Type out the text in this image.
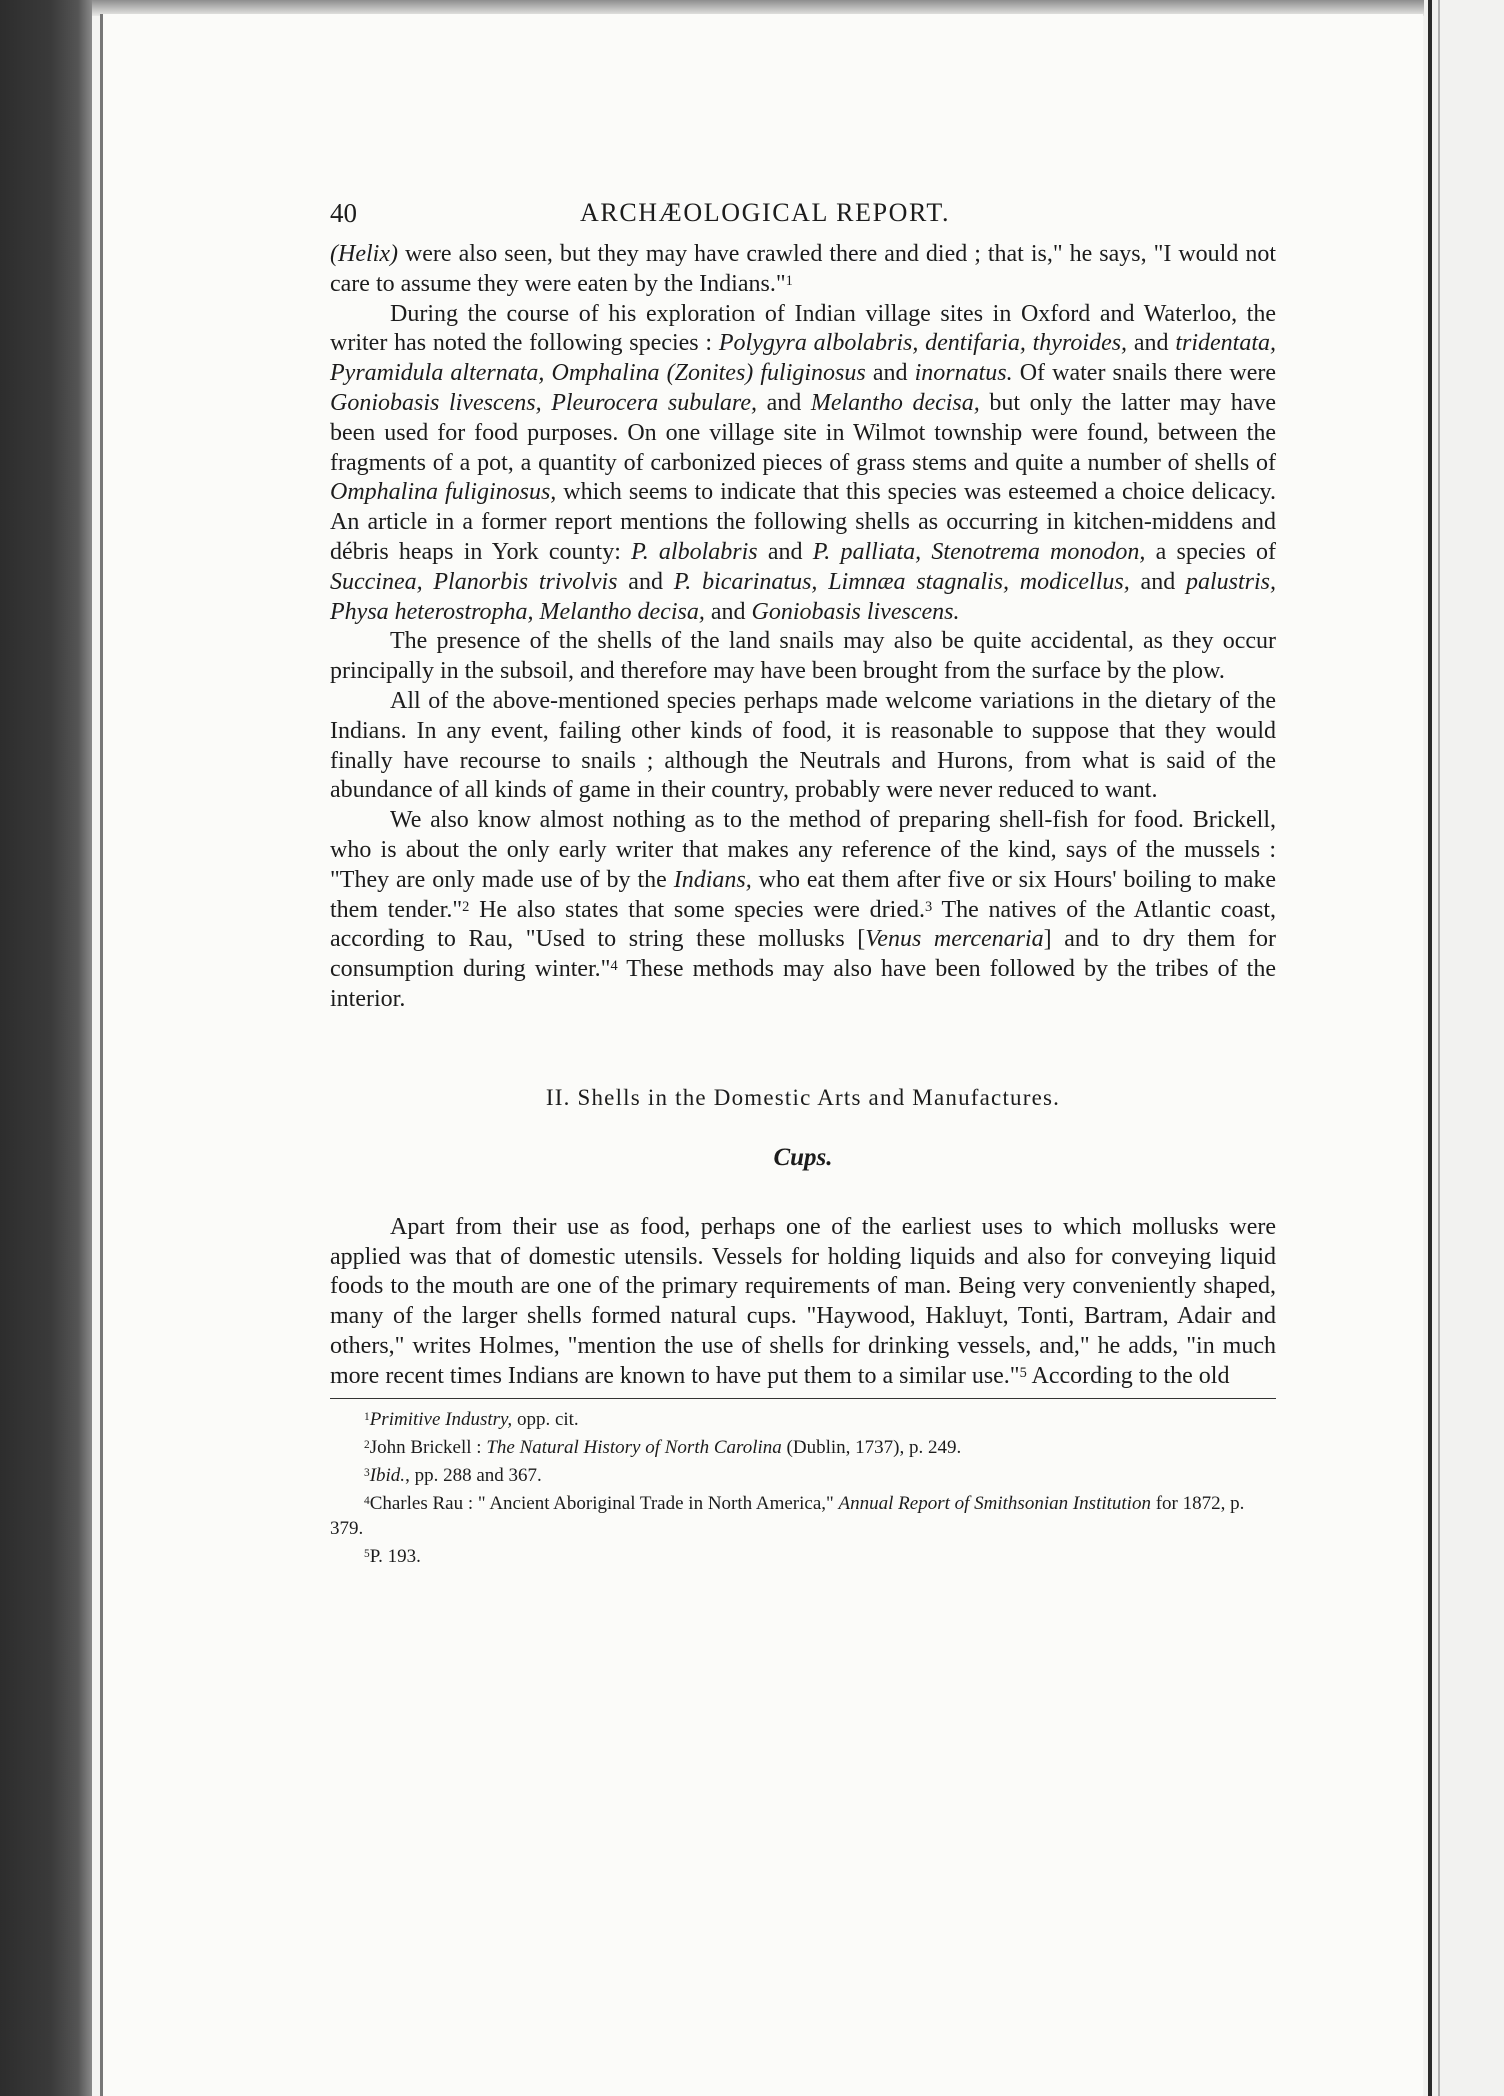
40	ARCHÆOLOGICAL REPORT.

(Helix) were also seen, but they may have crawled there and died ; that is," he says, "I would not care to assume they were eaten by the Indians."$^1$

During the course of his exploration of Indian village sites in Oxford and Waterloo, the writer has noted the following species : Polygyra albolabris, dentifaria, thyroides, and tridentata, Pyramidula alternata, Omphalina (Zonites) fuliginosus and inornatus. Of water snails there were Goniobasis livescens, Pleurocera subulare, and Melantho decisa, but only the latter may have been used for food purposes. On one village site in Wilmot township were found, between the fragments of a pot, a quantity of carbonized pieces of grass stems and quite a number of shells of Omphalina fuliginosus, which seems to indicate that this species was esteemed a choice delicacy. An article in a former report mentions the following shells as occurring in kitchen-middens and débris heaps in York county: P. albolabris and P. palliata, Stenotrema monodon, a species of Succinea, Planorbis trivolvis and P. bicarinatus, Limnæa stagnalis, modicellus, and palustris, Physa heterostropha, Melantho decisa, and Goniobasis livescens.

The presence of the shells of the land snails may also be quite accidental, as they occur principally in the subsoil, and therefore may have been brought from the surface by the plow.

All of the above-mentioned species perhaps made welcome variations in the dietary of the Indians. In any event, failing other kinds of food, it is reasonable to suppose that they would finally have recourse to snails ; although the Neutrals and Hurons, from what is said of the abundance of all kinds of game in their country, probably were never reduced to want.

We also know almost nothing as to the method of preparing shell-fish for food. Brickell, who is about the only early writer that makes any reference of the kind, says of the mussels : "They are only made use of by the Indians, who eat them after five or six Hours' boiling to make them tender."$^2$ He also states that some species were dried.$^3$ The natives of the Atlantic coast, according to Rau, "Used to string these mollusks [Venus mercenaria] and to dry them for consumption during winter."$^4$ These methods may also have been followed by the tribes of the interior.

II. Shells in the Domestic Arts and Manufactures.
Cups.

Apart from their use as food, perhaps one of the earliest uses to which mollusks were applied was that of domestic utensils. Vessels for holding liquids and also for conveying liquid foods to the mouth are one of the primary requirements of man. Being very conveniently shaped, many of the larger shells formed natural cups. "Haywood, Hakluyt, Tonti, Bartram, Adair and others," writes Holmes, "mention the use of shells for drinking vessels, and," he adds, "in much more recent times Indians are known to have put them to a similar use."$^5$ According to the old

$^1$Primitive Industry, opp. cit.

$^2$John Brickell : The Natural History of North Carolina (Dublin, 1737), p. 249.

$^3$Ibid., pp. 288 and 367.

$^4$Charles Rau : " Ancient Aboriginal Trade in North America," Annual Report of Smithsonian Institution for 1872, p. 379.

$^5$P. 193.
